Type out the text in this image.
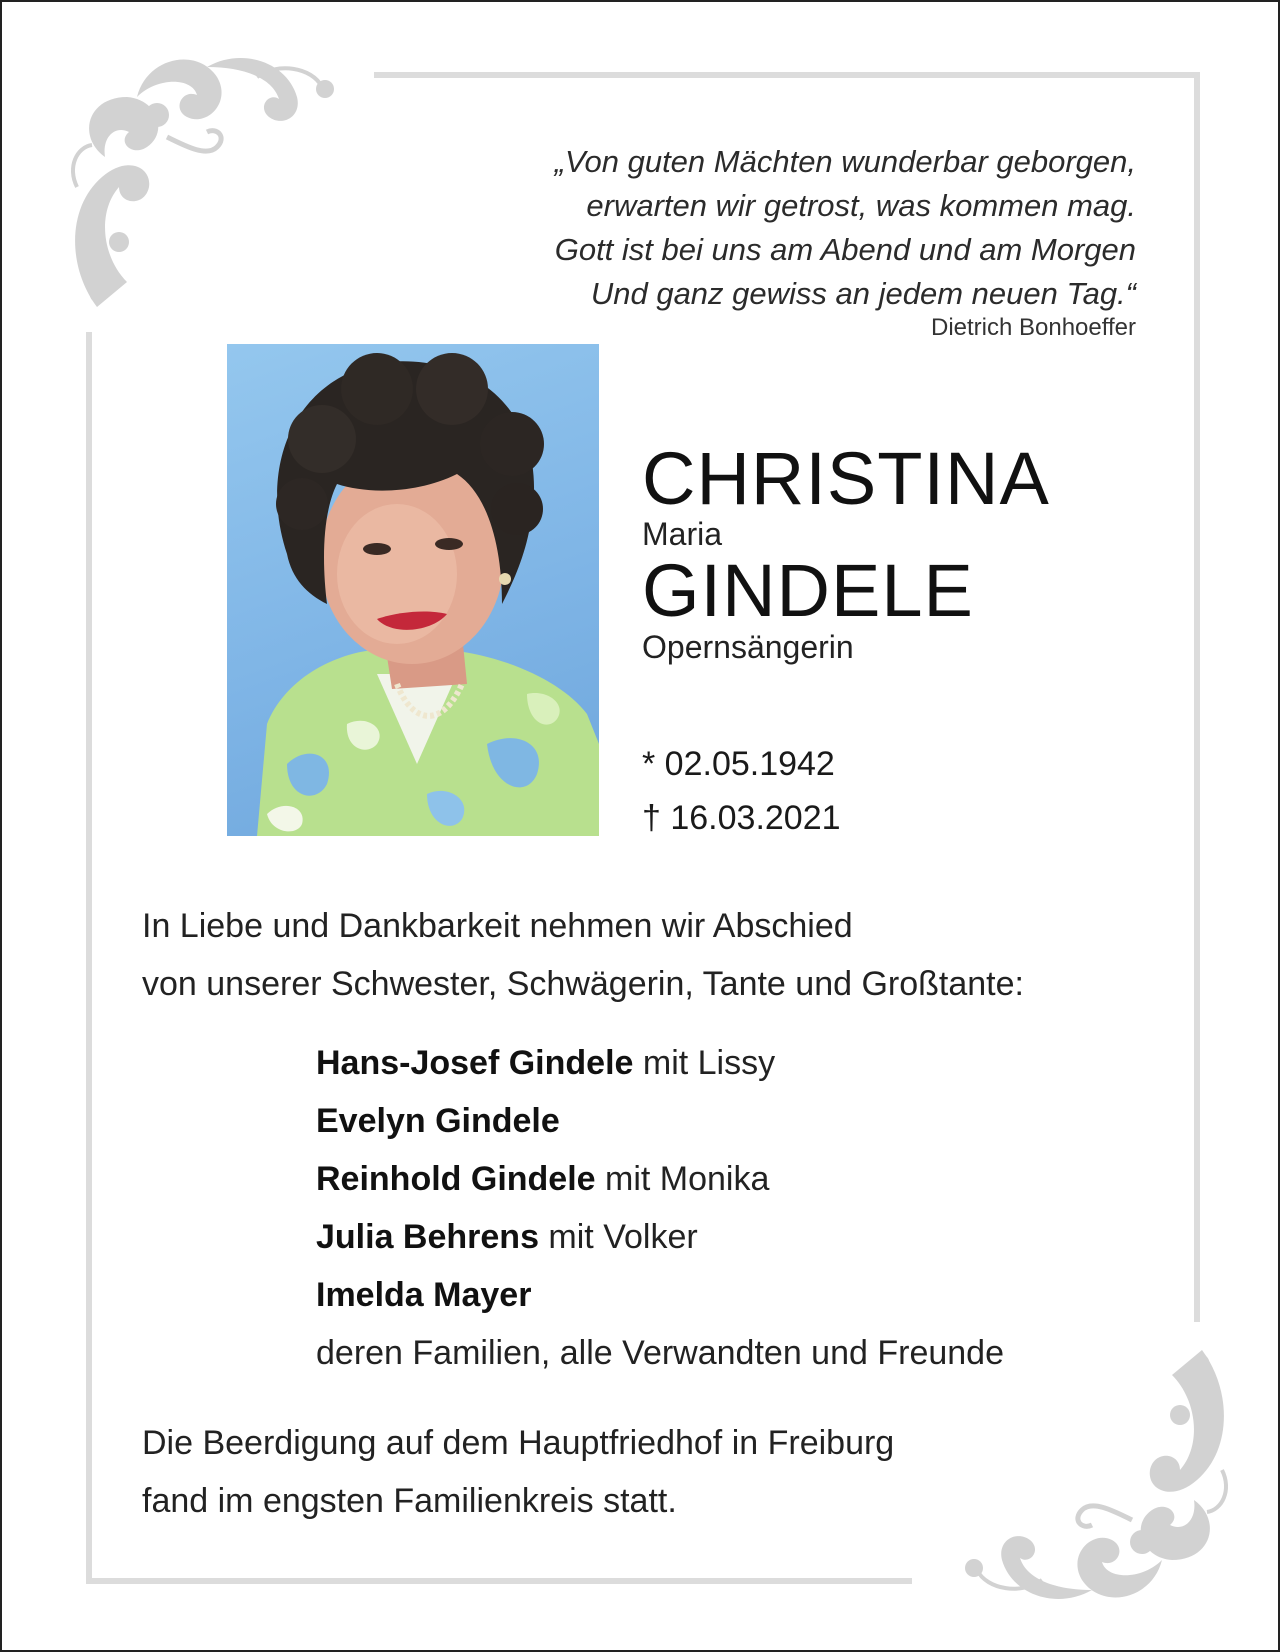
„Von guten Mächten wunderbar geborgen,
erwarten wir getrost, was kommen mag.
Gott ist bei uns am Abend und am Morgen
Und ganz gewiss an jedem neuen Tag.“
Dietrich Bonhoeffer
CHRISTINA
Maria
GINDELE
Opernsängerin
* 02.05.1942
† 16.03.2021
In Liebe und Dankbarkeit nehmen wir Abschied
von unserer Schwester, Schwägerin, Tante und Großtante:
Hans-Josef Gindele mit Lissy
Evelyn Gindele
Reinhold Gindele mit Monika
Julia Behrens mit Volker
Imelda Mayer
deren Familien, alle Verwandten und Freunde
Die Beerdigung auf dem Hauptfriedhof in Freiburg
fand im engsten Familienkreis statt.
